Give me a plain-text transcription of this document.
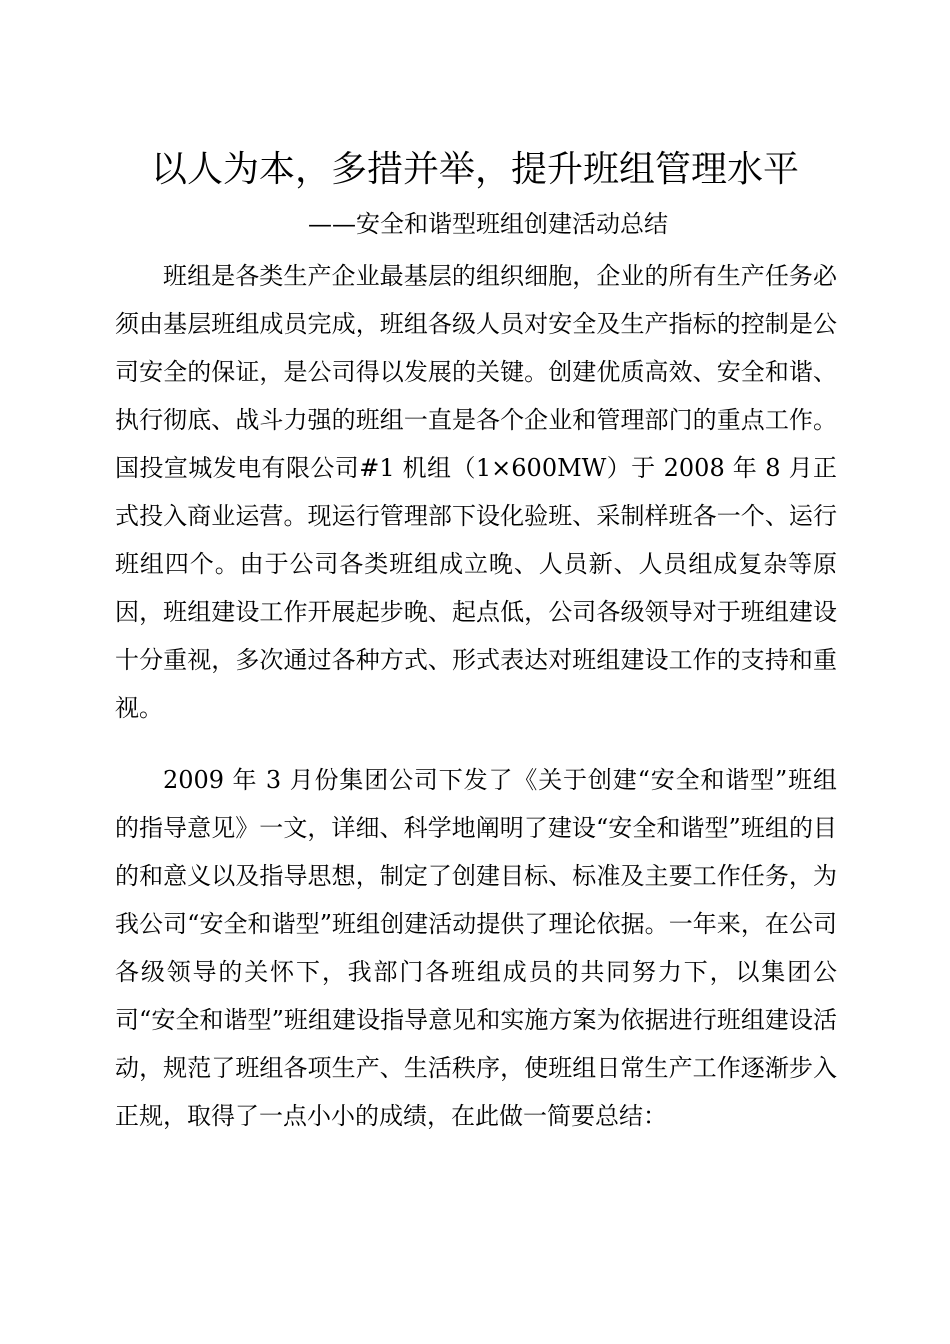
以人为本，多措并举，提升班组管理水平
——安全和谐型班组创建活动总结

班组是各类生产企业最基层的组织细胞，企业的所有生产任务必须由基层班组成员完成，班组各级人员对安全及生产指标的控制是公司安全的保证，是公司得以发展的关键。创建优质高效、安全和谐、执行彻底、战斗力强的班组一直是各个企业和管理部门的重点工作。国投宣城发电有限公司#1 机组（1×600MW）于 2008 年 8 月正式投入商业运营。现运行管理部下设化验班、采制样班各一个、运行班组四个。由于公司各类班组成立晚、人员新、人员组成复杂等原因，班组建设工作开展起步晚、起点低，公司各级领导对于班组建设十分重视，多次通过各种方式、形式表达对班组建设工作的支持和重视。

2009 年 3 月份集团公司下发了《关于创建“安全和谐型”班组的指导意见》一文，详细、科学地阐明了建设“安全和谐型”班组的目的和意义以及指导思想，制定了创建目标、标准及主要工作任务，为我公司“安全和谐型”班组创建活动提供了理论依据。一年来，在公司各级领导的关怀下，我部门各班组成员的共同努力下，以集团公司“安全和谐型”班组建设指导意见和实施方案为依据进行班组建设活动，规范了班组各项生产、生活秩序，使班组日常生产工作逐渐步入正规，取得了一点小小的成绩，在此做一简要总结：
